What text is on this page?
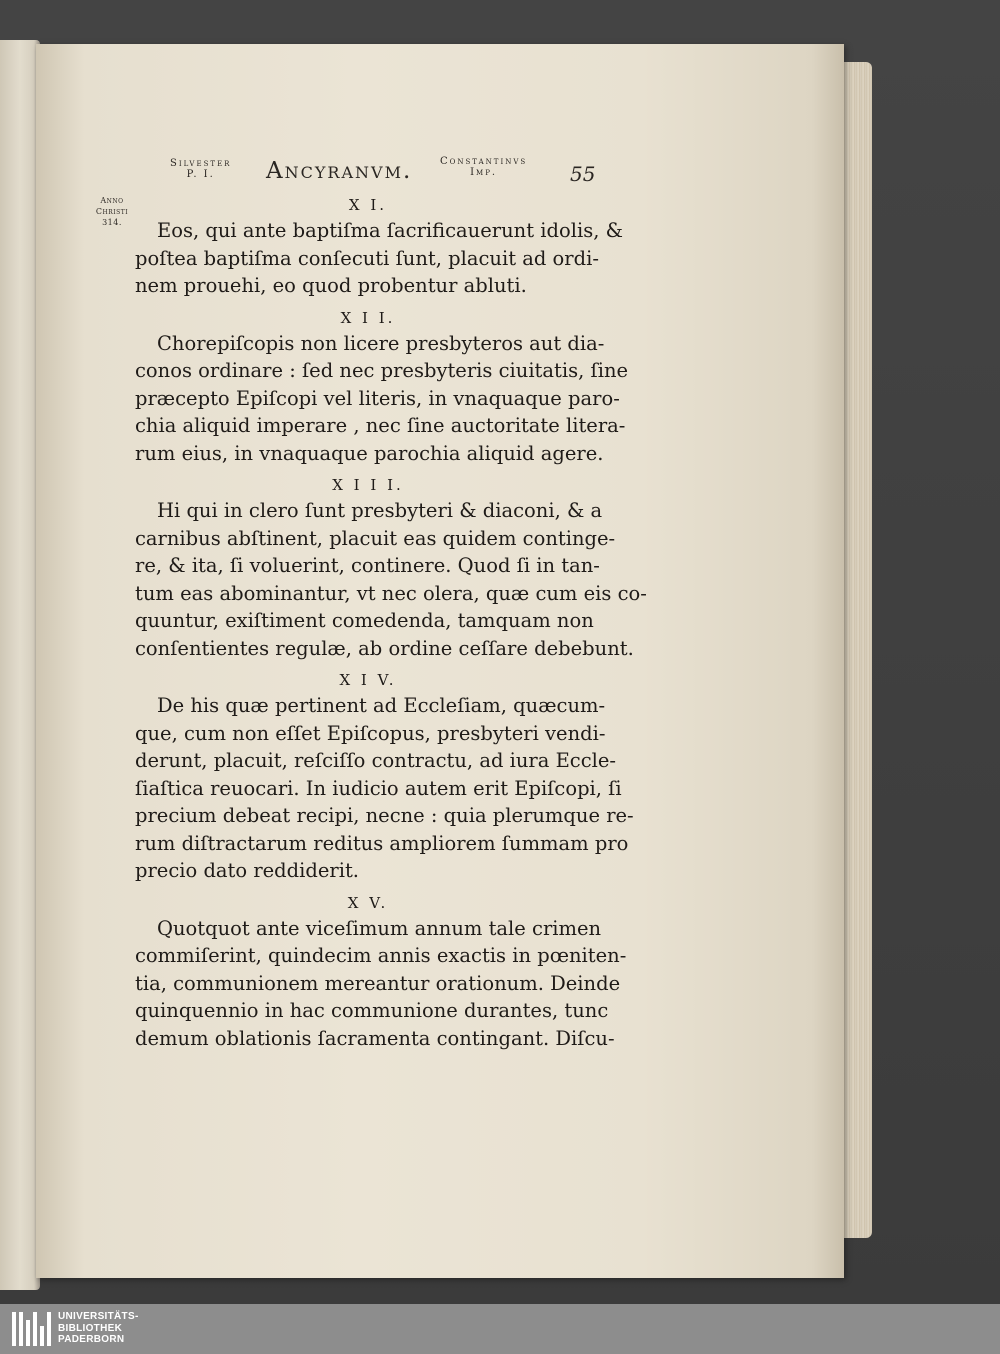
Silvester
P. I.	Ancyranvm.	Constantinvs
Imp.	55
Anno
Christi
314.
X I.
Eos, qui ante baptiſma ſacrificauerunt idolis, &
poſtea baptiſma conſecuti ſunt, placuit ad ordi-
nem prouehi, eo quod probentur abluti.
X I I.
Chorepiſcopis non licere presbyteros aut dia-
conos ordinare : ſed nec presbyteris ciuitatis, ſine
præcepto Epiſcopi vel literis, in vnaquaque paro-
chia aliquid imperare , nec ſine auctoritate litera-
rum eius, in vnaquaque parochia aliquid agere.
X I I I.
Hi qui in clero ſunt presbyteri & diaconi, & a
carnibus abſtinent, placuit eas quidem continge-
re, & ita, ſi voluerint, continere. Quod ſi in tan-
tum eas abominantur, vt nec olera, quæ cum eis co-
quuntur, exiſtiment comedenda, tamquam non
conſentientes regulæ, ab ordine ceſſare debebunt.
X I V.
De his quæ pertinent ad Eccleſiam, quæcum-
que, cum non eſſet Epiſcopus, presbyteri vendi-
derunt, placuit, reſciſſo contractu, ad iura Eccle-
ſiaſtica reuocari. In iudicio autem erit Epiſcopi, ſi
precium debeat recipi, necne : quia plerumque re-
rum diſtractarum reditus ampliorem ſummam pro
precio dato reddiderit.
X V.
Quotquot ante viceſimum annum tale crimen
commiſerint, quindecim annis exactis in pœniten-
tia, communionem mereantur orationum. Deinde
quinquennio in hac communione durantes, tunc
demum oblationis ſacramenta contingant. Diſcu-
UNIVERSITÄTS-
BIBLIOTHEK
PADERBORN
